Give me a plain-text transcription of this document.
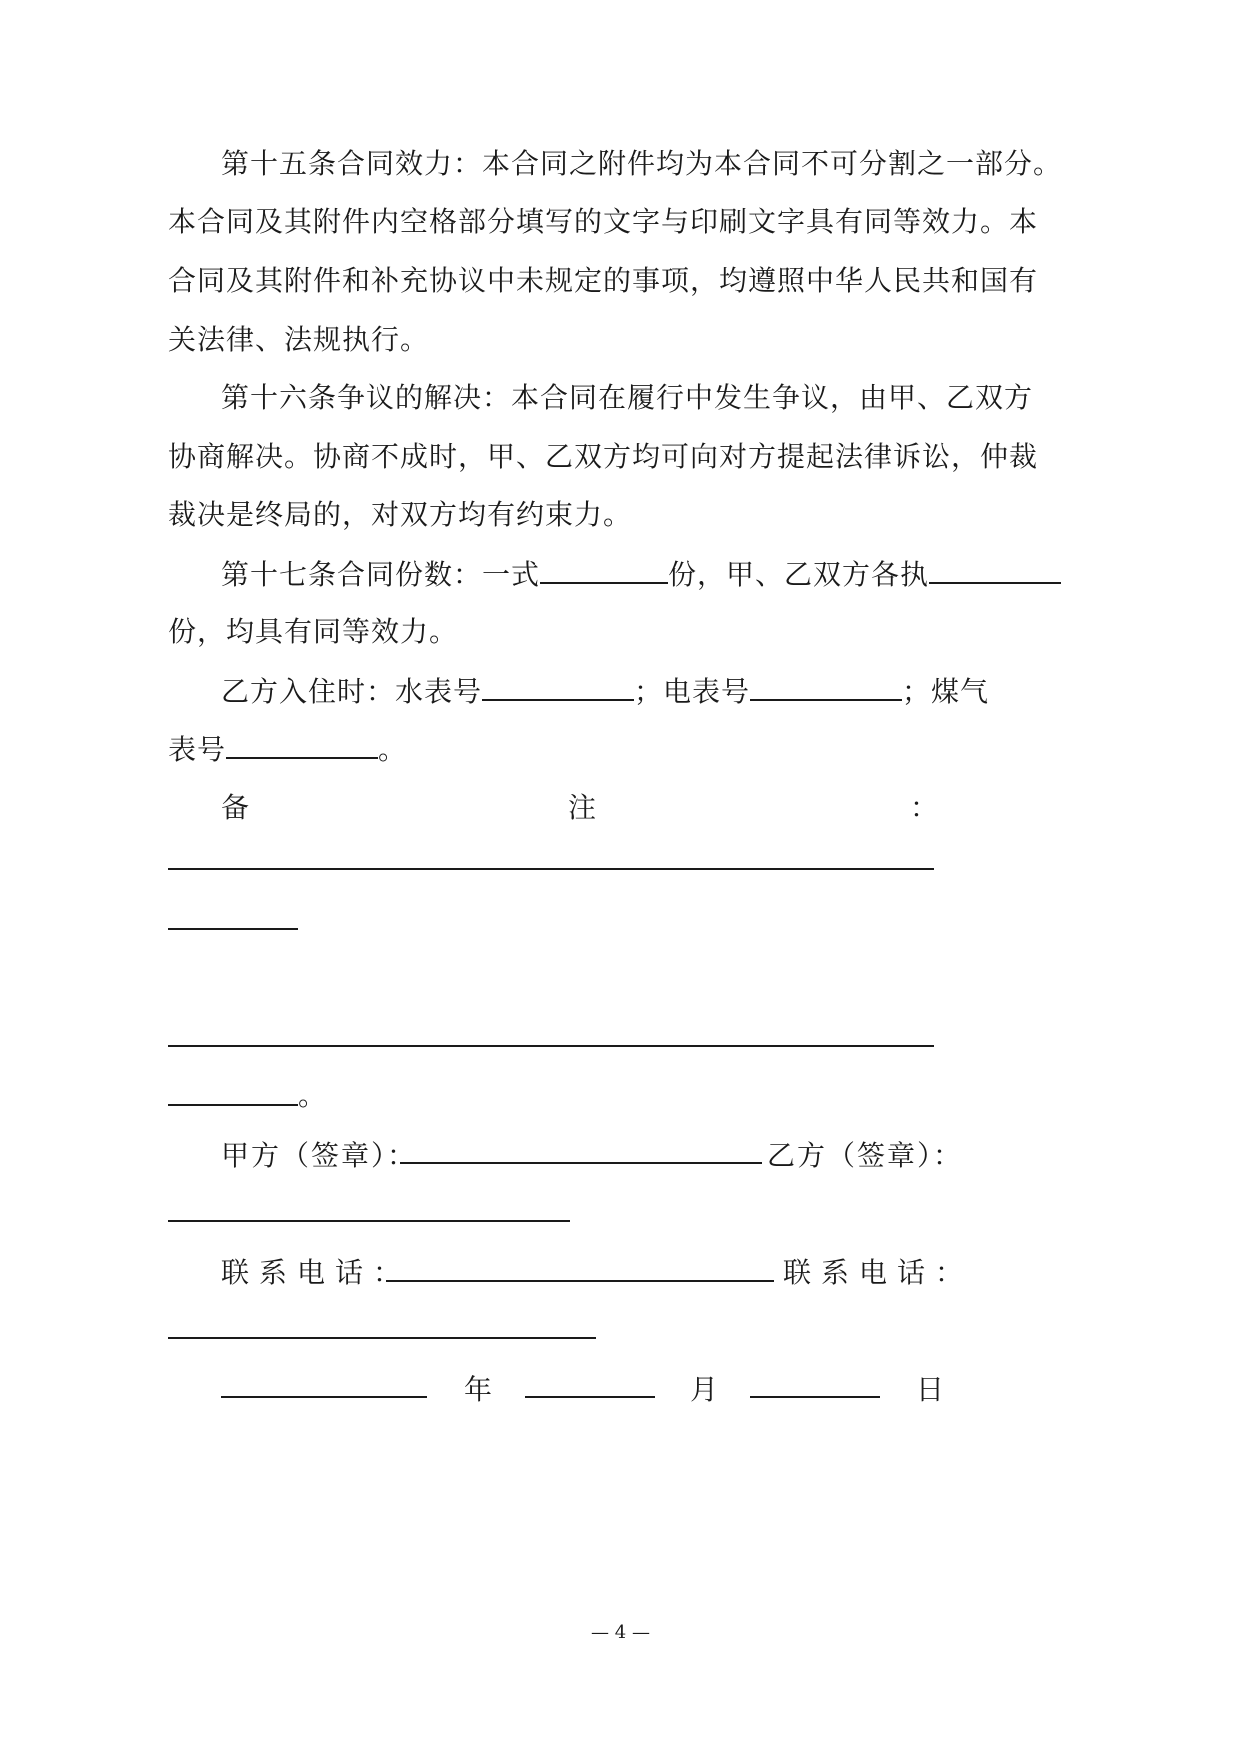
第十五条合同效力：本合同之附件均为本合同不可分割之一部分。
本合同及其附件内空格部分填写的文字与印刷文字具有同等效力。本
合同及其附件和补充协议中未规定的事项，均遵照中华人民共和国有
关法律、法规执行。
第十六条争议的解决：本合同在履行中发生争议，由甲、乙双方
协商解决。协商不成时，甲、乙双方均可向对方提起法律诉讼，仲裁
裁决是终局的，对双方均有约束力。
第十七条合同份数：一式	份，甲、乙双方各执
份，均具有同等效力。
乙方入住时：水表号	；电表号	；煤气
表号	。
备	注	：
。
甲方（签章）：	乙方（签章）：
联系电话：	联系电话：
年	月	日
— 4 —
